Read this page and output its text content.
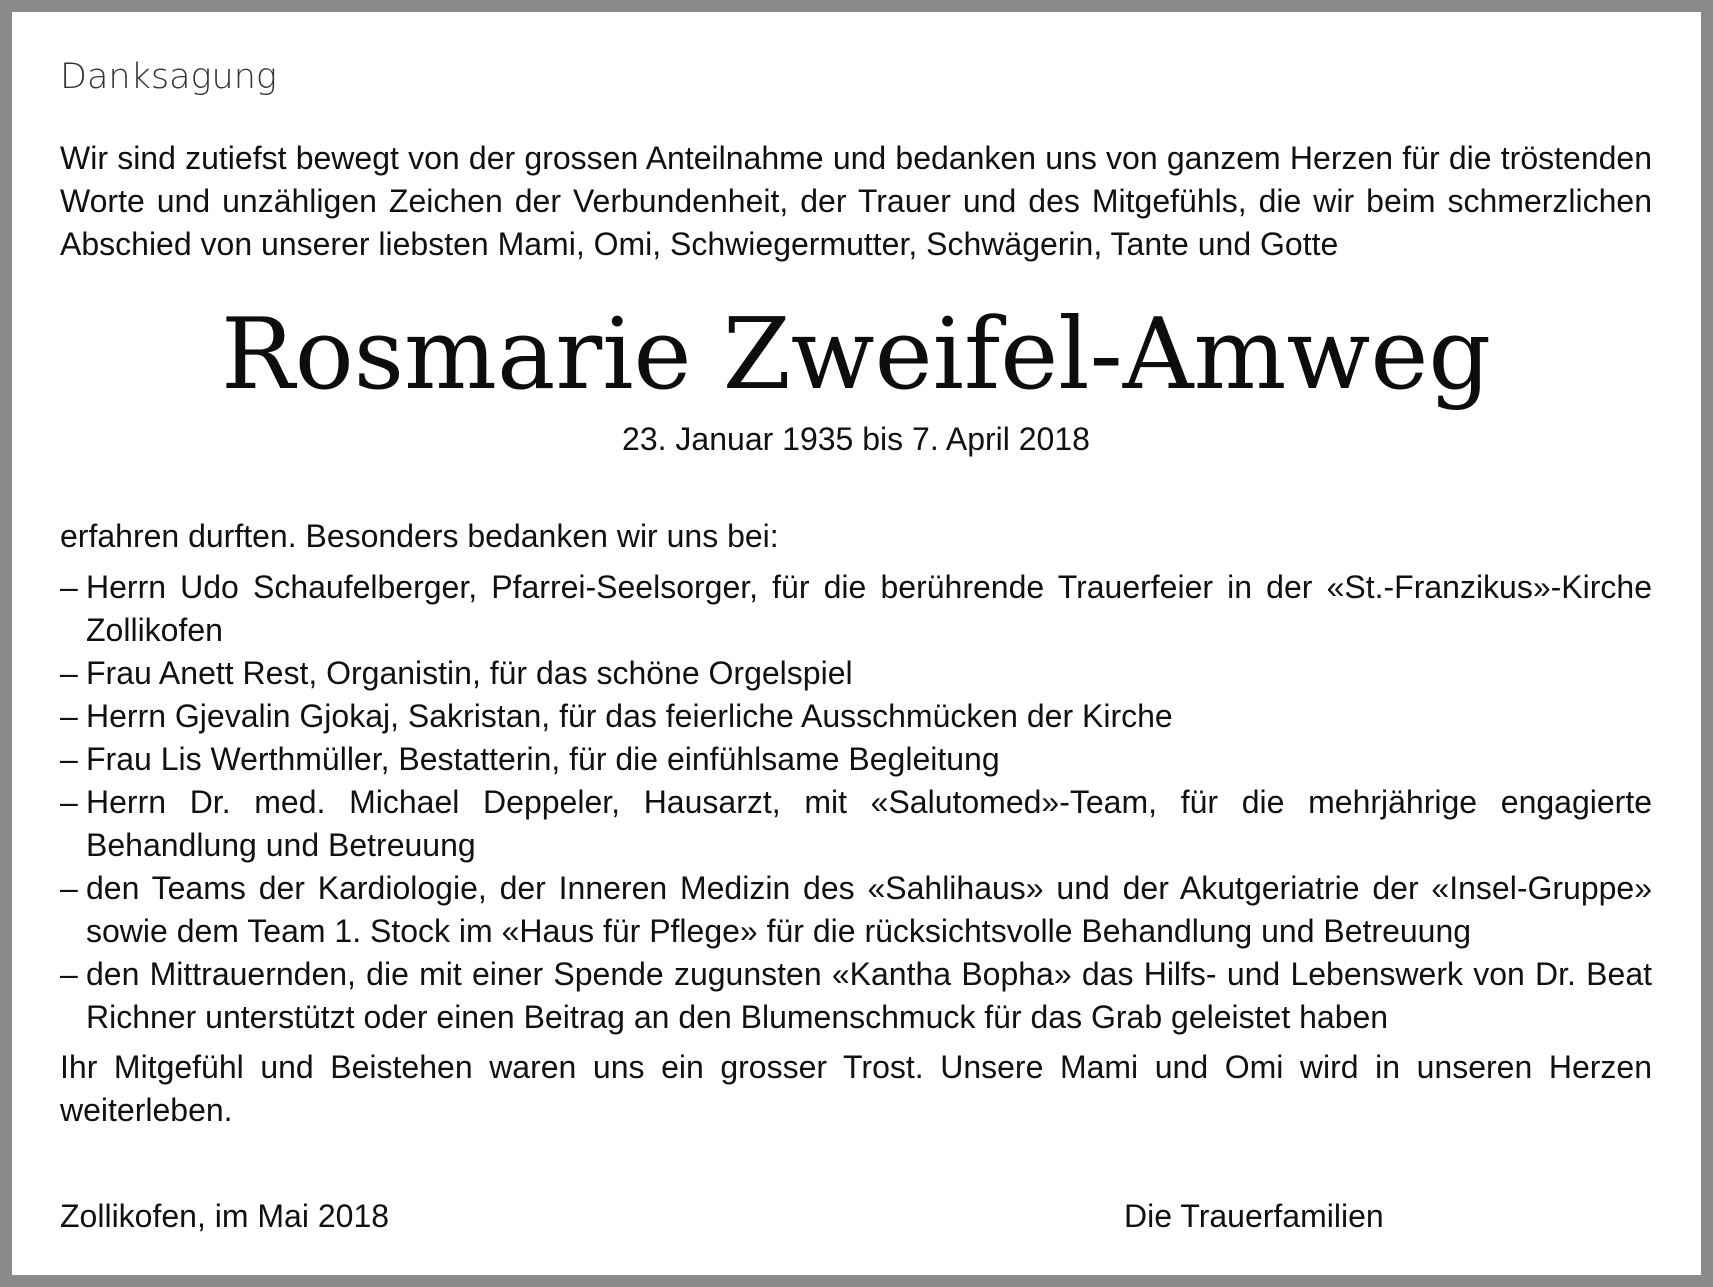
Danksagung

Wir sind zutiefst bewegt von der grossen Anteilnahme und bedanken uns von ganzem Herzen für die tröstenden Worte und unzähligen Zeichen der Verbundenheit, der Trauer und des Mitgefühls, die wir beim schmerzlichen Abschied von unserer liebsten Mami, Omi, Schwiegermutter, Schwägerin, Tante und Gotte

Rosmarie Zweifel-Amweg
23. Januar 1935 bis 7. April 2018

erfahren durften. Besonders bedanken wir uns bei:

– Herrn Udo Schaufelberger, Pfarrei-Seelsorger, für die berührende Trauerfeier in der «St.-Franzikus»-Kirche Zollikofen
– Frau Anett Rest, Organistin, für das schöne Orgelspiel
– Herrn Gjevalin Gjokaj, Sakristan, für das feierliche Ausschmücken der Kirche
– Frau Lis Werthmüller, Bestatterin, für die einfühlsame Begleitung
– Herrn Dr. med. Michael Deppeler, Hausarzt, mit «Salutomed»-Team, für die mehrjährige engagierte Behandlung und Betreuung
– den Teams der Kardiologie, der Inneren Medizin des «Sahlihaus» und der Akutgeriatrie der «Insel-Gruppe» sowie dem Team 1. Stock im «Haus für Pflege» für die rücksichtsvolle Behandlung und Betreuung
– den Mittrauernden, die mit einer Spende zugunsten «Kantha Bopha» das Hilfs- und Lebenswerk von Dr. Beat Richner unterstützt oder einen Beitrag an den Blumenschmuck für das Grab geleistet haben

Ihr Mitgefühl und Beistehen waren uns ein grosser Trost. Unsere Mami und Omi wird in unseren Herzen weiterleben.

Zollikofen, im Mai 2018	Die Trauerfamilien
